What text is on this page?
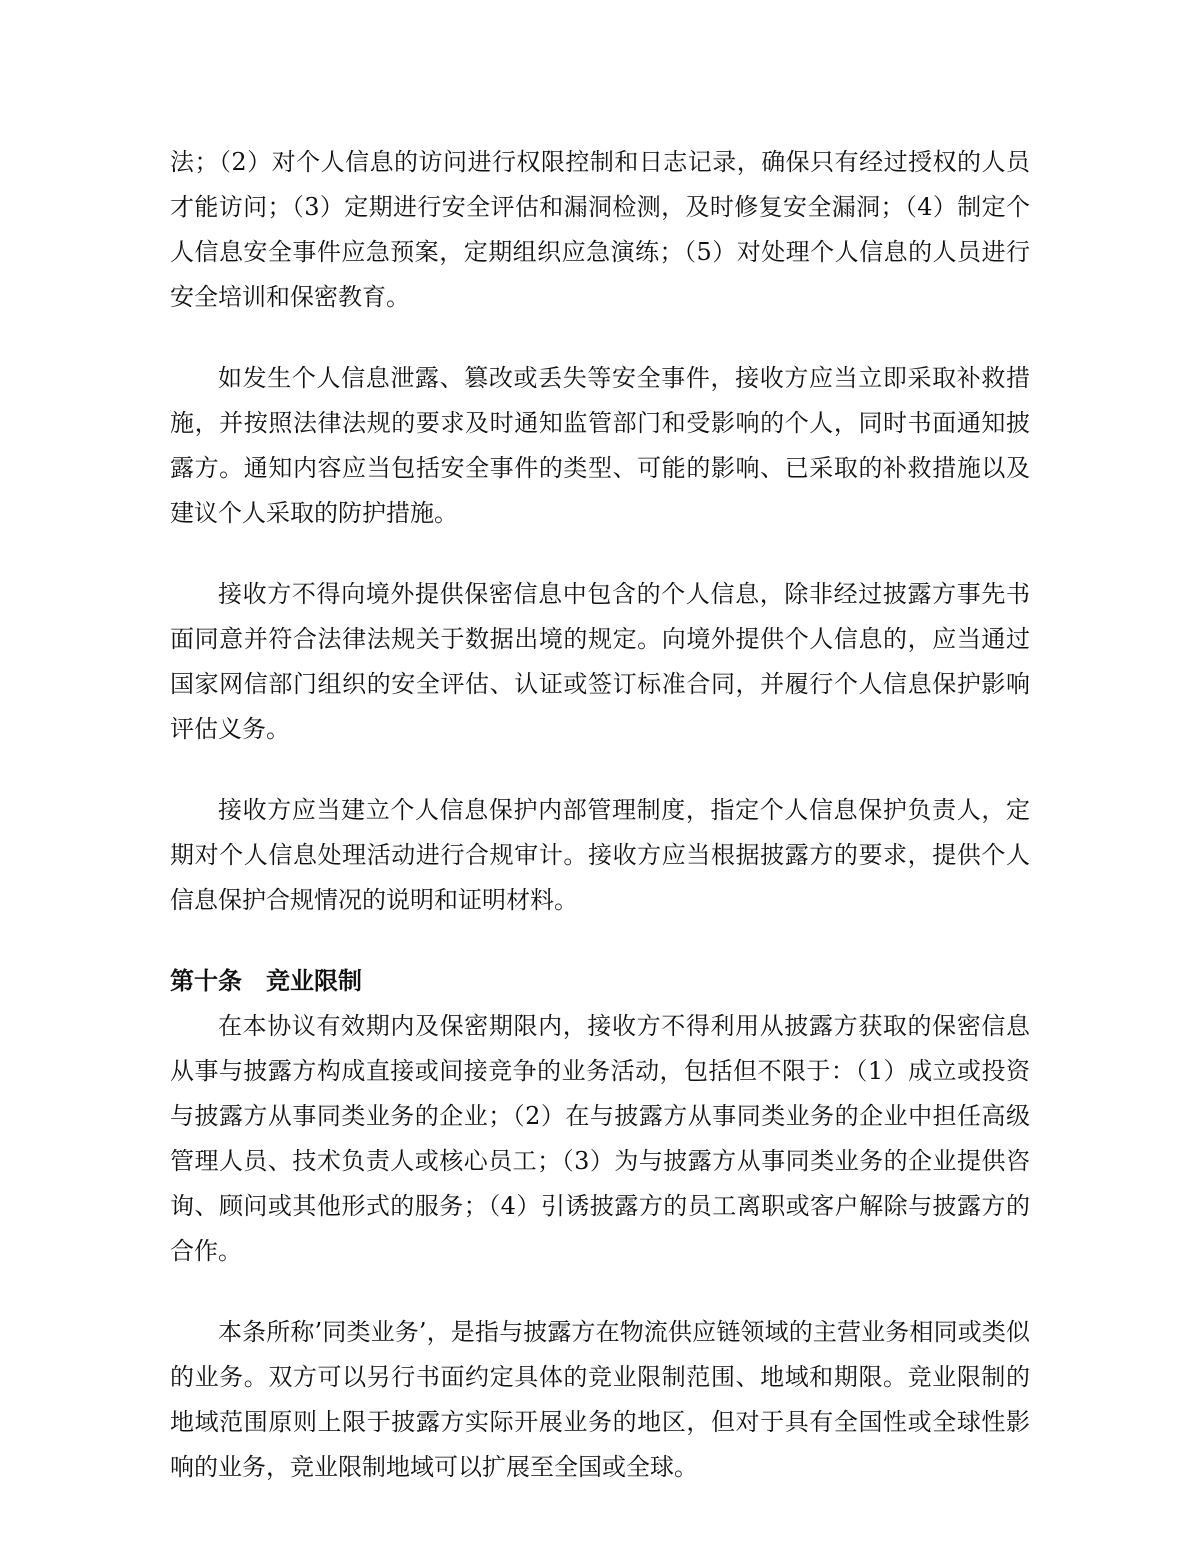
法；（2）对个人信息的访问进行权限控制和日志记录，确保只有经过授权的人员才能访问；（3）定期进行安全评估和漏洞检测，及时修复安全漏洞；（4）制定个人信息安全事件应急预案，定期组织应急演练；（5）对处理个人信息的人员进行安全培训和保密教育。

如发生个人信息泄露、篡改或丢失等安全事件，接收方应当立即采取补救措施，并按照法律法规的要求及时通知监管部门和受影响的个人，同时书面通知披露方。通知内容应当包括安全事件的类型、可能的影响、已采取的补救措施以及建议个人采取的防护措施。

接收方不得向境外提供保密信息中包含的个人信息，除非经过披露方事先书面同意并符合法律法规关于数据出境的规定。向境外提供个人信息的，应当通过国家网信部门组织的安全评估、认证或签订标准合同，并履行个人信息保护影响评估义务。

接收方应当建立个人信息保护内部管理制度，指定个人信息保护负责人，定期对个人信息处理活动进行合规审计。接收方应当根据披露方的要求，提供个人信息保护合规情况的说明和证明材料。

第十条 竞业限制

在本协议有效期内及保密期限内，接收方不得利用从披露方获取的保密信息从事与披露方构成直接或间接竞争的业务活动，包括但不限于：（1）成立或投资与披露方从事同类业务的企业；（2）在与披露方从事同类业务的企业中担任高级管理人员、技术负责人或核心员工；（3）为与披露方从事同类业务的企业提供咨询、顾问或其他形式的服务；（4）引诱披露方的员工离职或客户解除与披露方的合作。

本条所称’同类业务’，是指与披露方在物流供应链领域的主营业务相同或类似的业务。双方可以另行书面约定具体的竞业限制范围、地域和期限。竞业限制的地域范围原则上限于披露方实际开展业务的地区，但对于具有全国性或全球性影响的业务，竞业限制地域可以扩展至全国或全球。
